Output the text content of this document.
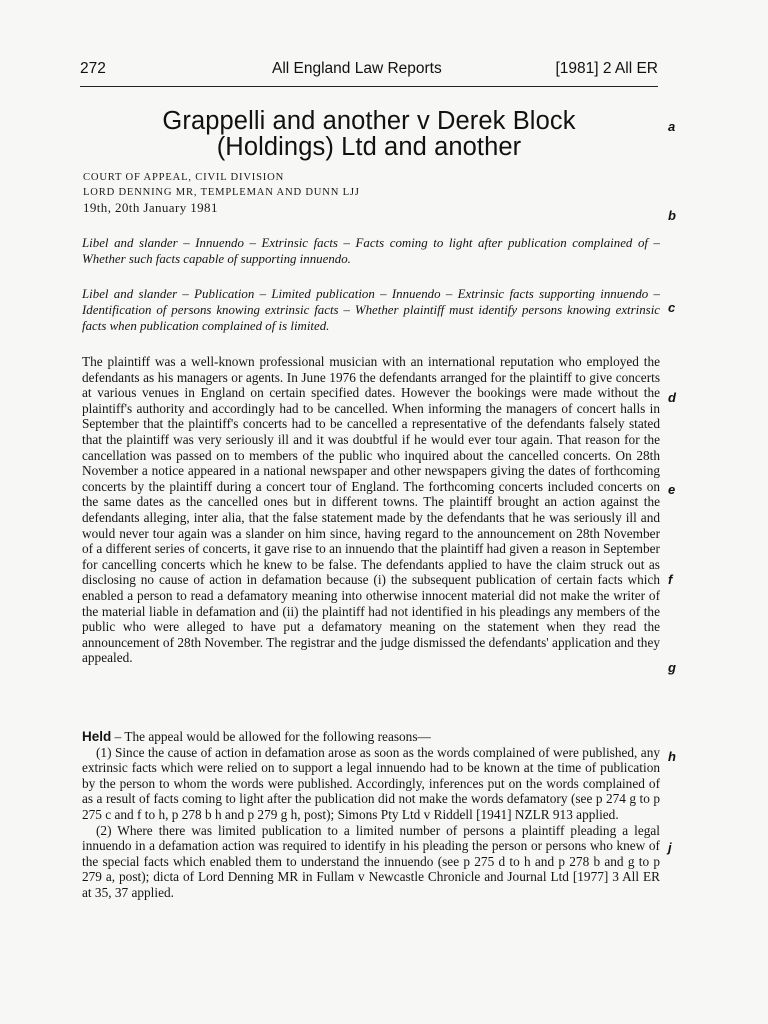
272	All England Law Reports	[1981] 2 All ER
Grappelli and another v Derek Block
(Holdings) Ltd and another
COURT OF APPEAL, CIVIL DIVISION
LORD DENNING MR, TEMPLEMAN AND DUNN LJJ
19th, 20th January 1981
Libel and slander – Innuendo – Extrinsic facts – Facts coming to light after publication complained of – Whether such facts capable of supporting innuendo.
Libel and slander – Publication – Limited publication – Innuendo – Extrinsic facts supporting innuendo – Identification of persons knowing extrinsic facts – Whether plaintiff must identify persons knowing extrinsic facts when publication complained of is limited.

The plaintiff was a well-known professional musician with an international reputation who employed the defendants as his managers or agents. In June 1976 the defendants arranged for the plaintiff to give concerts at various venues in England on certain specified dates. However the bookings were made without the plaintiff's authority and accordingly had to be cancelled. When informing the managers of concert halls in September that the plaintiff's concerts had to be cancelled a representative of the defendants falsely stated that the plaintiff was very seriously ill and it was doubtful if he would ever tour again. That reason for the cancellation was passed on to members of the public who inquired about the cancelled concerts. On 28th November a notice appeared in a national newspaper and other newspapers giving the dates of forthcoming concerts by the plaintiff during a concert tour of England. The forthcoming concerts included concerts on the same dates as the cancelled ones but in different towns. The plaintiff brought an action against the defendants alleging, inter alia, that the false statement made by the defendants that he was seriously ill and would never tour again was a slander on him since, having regard to the announcement on 28th November of a different series of concerts, it gave rise to an innuendo that the plaintiff had given a reason in September for cancelling concerts which he knew to be false. The defendants applied to have the claim struck out as disclosing no cause of action in defamation because (i) the subsequent publication of certain facts which enabled a person to read a defamatory meaning into otherwise innocent material did not make the writer of the material liable in defamation and (ii) the plaintiff had not identified in his pleadings any members of the public who were alleged to have put a defamatory meaning on the statement when they read the announcement of 28th November. The registrar and the judge dismissed the defendants' application and they appealed.

Held – The appeal would be allowed for the following reasons—

(1) Since the cause of action in defamation arose as soon as the words complained of were published, any extrinsic facts which were relied on to support a legal innuendo had to be known at the time of publication by the person to whom the words were published. Accordingly, inferences put on the words complained of as a result of facts coming to light after the publication did not make the words defamatory (see p 274 g to p 275 c and f to h, p 278 b h and p 279 g h, post); Simons Pty Ltd v Riddell [1941] NZLR 913 applied.

(2) Where there was limited publication to a limited number of persons a plaintiff pleading a legal innuendo in a defamation action was required to identify in his pleading the person or persons who knew of the special facts which enabled them to understand the innuendo (see p 275 d to h and p 278 b and g to p 279 a, post); dicta of Lord Denning MR in Fullam v Newcastle Chronicle and Journal Ltd [1977] 3 All ER at 35, 37 applied.

a
b
c
d
e
f
g
h
j
